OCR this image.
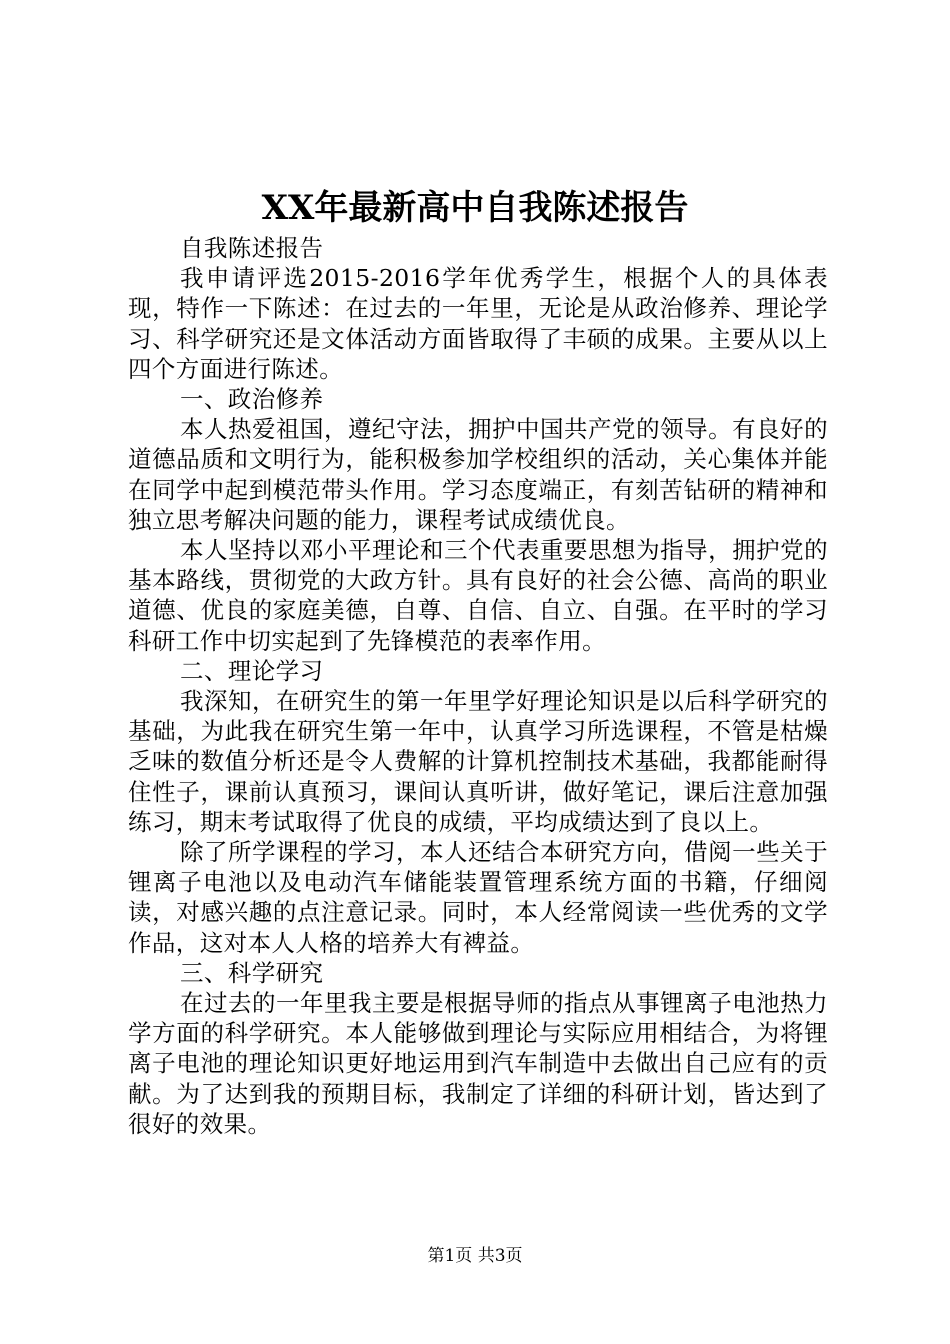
XX年最新高中自我陈述报告

自我陈述报告

我申请评选2015-2016学年优秀学生，根据个人的具体表现，特作一下陈述：在过去的一年里，无论是从政治修养、理论学习、科学研究还是文体活动方面皆取得了丰硕的成果。主要从以上四个方面进行陈述。

一、政治修养

本人热爱祖国，遵纪守法，拥护中国共产党的领导。有良好的道德品质和文明行为，能积极参加学校组织的活动，关心集体并能在同学中起到模范带头作用。学习态度端正，有刻苦钻研的精神和独立思考解决问题的能力，课程考试成绩优良。

本人坚持以邓小平理论和三个代表重要思想为指导，拥护党的基本路线，贯彻党的大政方针。具有良好的社会公德、高尚的职业道德、优良的家庭美德，自尊、自信、自立、自强。在平时的学习科研工作中切实起到了先锋模范的表率作用。

二、理论学习

我深知，在研究生的第一年里学好理论知识是以后科学研究的基础，为此我在研究生第一年中，认真学习所选课程，不管是枯燥乏味的数值分析还是令人费解的计算机控制技术基础，我都能耐得住性子，课前认真预习，课间认真听讲，做好笔记，课后注意加强练习，期末考试取得了优良的成绩，平均成绩达到了良以上。

除了所学课程的学习，本人还结合本研究方向，借阅一些关于锂离子电池以及电动汽车储能装置管理系统方面的书籍，仔细阅读，对感兴趣的点注意记录。同时，本人经常阅读一些优秀的文学作品，这对本人人格的培养大有裨益。

三、科学研究

在过去的一年里我主要是根据导师的指点从事锂离子电池热力学方面的科学研究。本人能够做到理论与实际应用相结合，为将锂离子电池的理论知识更好地运用到汽车制造中去做出自己应有的贡献。为了达到我的预期目标，我制定了详细的科研计划，皆达到了很好的效果。

第1页 共3页
